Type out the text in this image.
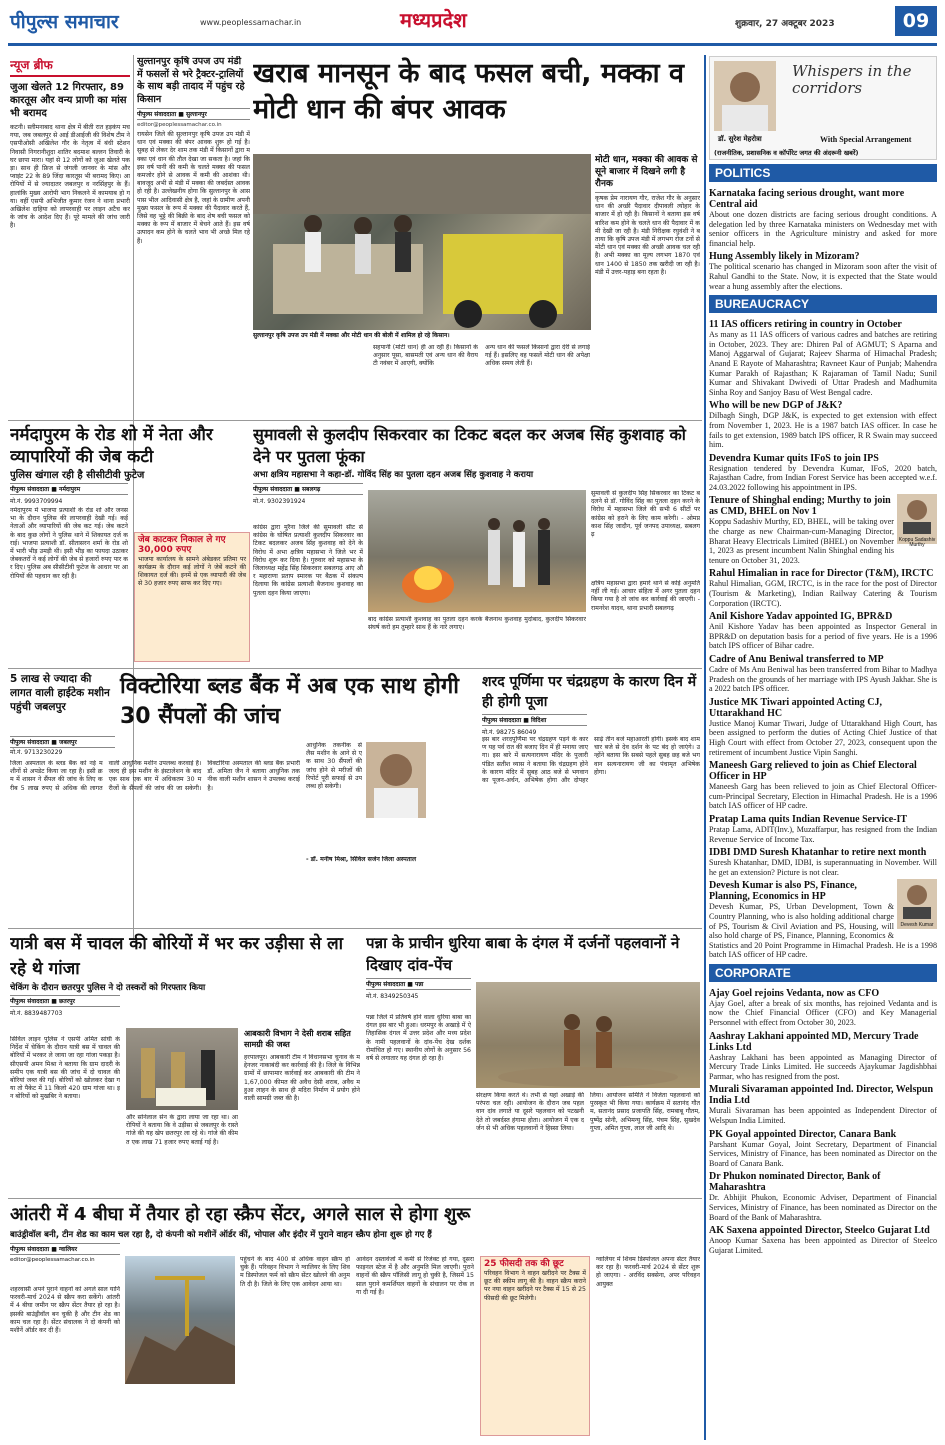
पीपुल्स समाचार	www.peoplessamachar.in	मध्यप्रदेश	शुक्रवार, 27 अक्टूबर 2023	09
न्यूज ब्रीफ
जुआ खेलते 12 गिरफ्तार, 89 कारतूस और वन्य प्राणी का मांस भी बरामद
कटनी। स्लीमनाबाद थाना क्षेत्र में बीती रात हड़कंप मच गया, जब जबलपुर से आई डीआईजी की विशेष टीम ने एसपीओसी अखिलेश गौर के नेतृत्व में बंधी स्टेशन निवासी निगरानीशुदा शातिर बदमाश बल्लन तिवारी के घर छापा मारा। यहां से 12 लोगों को जुआ खेलते पकड़ा। साथ ही फ्रिज से जंगली जानवर के मांस और प्वाइंट 22 के 89 जिंदा कारतूस भी बरामद किए। आरोपियों में से ज्यादातर जबलपुर व नरसिंहपुर के हैं। हालांकि मुख्य आरोपी भाग निकलने में कामयाब हो गया। वहीं एसपी अभिजीत कुमार रंजन ने थाना प्रभारी अखिलेश दाहिया को लापरवाही पर लाइन अटैच कर के जांच के आदेश दिए हैं। पूरे मामले की जांच जारी है।
सुल्तानपुर कृषि उपज उप मंडी में फसलों से भरे ट्रैक्टर-ट्रालियों के साथ बड़ी तादाद में पहुंच रहे किसान
पीपुल्स संवाददाता ■ सुल्तानपुर
editor@peoplessamachar.co.in
रायसेन जिले की सुल्तानपुर कृषि उपज उप मंडी में धान एवं मक्का की बंपर आवक शुरू हो गई है। सुबह से लेकर देर शाम तक मंडी में किसानों द्वारा मक्का एवं धान की तौल देखा जा सकता है। जहां कि इस वर्ष पानी की कमी के चलते मक्का की फसल कमजोर होने से आवक में कमी की आशंका थी। बावजूद अभी से मंडी में मक्का की जबर्दस्त आवक हो रही है। उल्लेखनीय होगा कि सुल्तानपुर के आसपास भील आदिवासी क्षेत्र है, जहां के ग्रामीण अपनी मुख्य फसल के रूप में मक्का की पैदावार करते हैं, जिसे वह भुट्टे की बिक्री के बाद शेष बची फसल को मक्का के रूप में बाजार में बेचने आते हैं। इस वर्ष उत्पादन कम होने के चलते भाव भी अच्छे मिल रहे हैं।
खराब मानसून के बाद फसल बची, मक्का व मोटी धान की बंपर आवक
सुल्तानपुर कृषि उपज उप मंडी में मक्का और मोटी धान की बोली में शामिल हो रहे किसान।
मोटी धान, मक्का की आवक से सूने बाजार में दिखने लगी है रौनक
कृषक प्रेम नारायण गौर, राजेश गौर के अनुसार धान की अच्छी पैदावार दीपावली त्योहार के बाजार में हो रही है। किसानों ने बताया इस वर्ष बारिश कम होने के चलते धान की पैदावार में कमी देखी जा रही है। मंडी निरीक्षक रघुवंशी ने बताया कि कृषि उपज मंडी में लगभग रोज टनों से मोटी धान एवं मक्का की अच्छी आवक चल रही है। अभी मक्का का मूल्य लगभग 1870 एवं धान 1400 से 1850 तक खरीदी जा रही है। मंडी में उत्तर-पहाड़ बना रहता है।
सहपानी (मोटी धान) ही आ रही है। किसानों के अनुसार पूसा, बासमती एवं अन्य धान की वैरायटी नवंबर में आएगी, क्योंकि
अन्य धान की फसलें किसानों द्वारा देरी से लगाई गई हैं। इसलिए वह फसलें मोटी धान की अपेक्षा अधिक समय लेती हैं।
नर्मदापुरम के रोड शो में नेता और व्यापारियों की जेब कटी
पुलिस खंगाल रही है सीसीटीवी फुटेज
पीपुल्स संवाददाता ■ नर्मदापुरम
मो.नं. 9993709994
नर्मदापुरम में भाजपा प्रत्याशी के रोड शो और जनसभा के दौरान पुलिस की लापरवाही देखी गई। कई नेताओं और व्यापारियों की जेब कट गई। जेब कटने के बाद कुछ लोगों ने पुलिस थाने में शिकायत दर्ज कराई। भाजपा प्रत्याशी डॉ. सीतासरन शर्मा के रोड शो में भारी भीड़ उमड़ी थी। इसी भीड़ का फायदा उठाकर जेबकतरों ने कई लोगों की जेब से हजारों रुपए पार कर दिए। पुलिस अब सीसीटीवी फुटेज के आधार पर आरोपियों की पहचान कर रही है।
जेब काटकर निकाल ले गए 30,000 रुपए
भाजपा कार्यालय के सामने अंबेडकर प्रतिमा पर कार्यक्रम के दौरान कई लोगों ने जेबें कटने की शिकायत दर्ज की। इनमें से एक व्यापारी की जेब से 30 हजार रुपए साफ कर दिए गए।
सुमावली से कुलदीप सिकरवार का टिकट बदल कर अजब सिंह कुशवाह को देने पर पुतला फूंका
अभा क्षत्रिय महासभा ने कहा-डॉ. गोविंद सिंह का पुतला दहन अजब सिंह कुशवाह ने कराया
पीपुल्स संवाददाता ■ सबलगढ़
मो.नं. 9302391924
कांग्रेस द्वारा मुरैना जिले की सुमावली सीट से कांग्रेस के घोषित प्रत्याशी कुलदीप सिकरवार का टिकट बदलकर अजब सिंह कुशवाह को देने के विरोध में अभा क्षत्रिय महासभा ने जिले भर में विरोध शुरू कर दिया है। गुरुवार को महासभा के जिलाध्यक्ष महेंद्र सिंह सिकरवार सबलगढ़ आए और महाराणा प्रताप स्मारक पर बैठक में संकल्प दिलाया कि कांग्रेस प्रत्याशी बैजनाथ कुशवाह का पुतला दहन किया जाएगा।
बाद कांग्रेस प्रत्याशी कुशवाह का पुतला दहन करके बैजनाथ कुशवाह मुर्दाबाद, कुलदीप सिकरवार संघर्ष करो हम तुम्हारे साथ हैं के नारे लगाए।
सुमावली से कुलदीप सिंह सिकरवार का टिकट बदलने से डॉ. गोविंद सिंह का पुतला दहन करने के विरोध में महासभा जिले की सभी 6 सीटों पर कांग्रेस को हराने के लिए काम करेगी। - ओमप्रकाश सिंह जादौन, पूर्व जनपद उपाध्यक्ष, सबलगढ़
क्षत्रिय महासभा द्वारा हमारे थाने से कोई अनुमति नहीं ली गई। आचार संहिता में अगर पुतला दहन किया गया है तो जांच कर कार्रवाई की जाएगी। - रामनरेश यादव, थाना प्रभारी सबलगढ़
5 लाख से ज्यादा की लागत वाली हाईटेक मशीन पहुंची जबलपुर
विक्टोरिया ब्लड बैंक में अब एक साथ होगी 30 सैंपलों की जांच
पीपुल्स संवाददाता ■ जबलपुर
मो.नं. 9713230229
जिला अस्पताल के ब्लड बैंक को नई मशीनों से अपडेट किया जा रहा है। इसी क्रम में शासन ने सैंपल की जांच के लिए करीब 5 लाख रुपए से अधिक की लागत वाली आधुनिक मशीन उपलब्ध करवाई है। जल्द ही इस मशीन के इंस्टालेशन के बाद एक साथ एक बार में अधिकतम 30 मरीजों के सैंपलों की जांच की जा सकेगी। विक्टोरिया अस्पताल की ब्लड बैंक प्रभारी डॉ. अमिता जैन ने बताया आधुनिक तकनीक वाली मशीन शासन ने उपलब्ध कराई है।
आधुनिक तकनीक से लैस मशीन के आने से एक साथ 30 सैंपलों की जांच होने से मरीजों की रिपोर्ट पूरी सफाई से उपलब्ध हो सकेगी।
- डॉ. मनीष मिश्रा, सिविल सर्जन जिला अस्पताल
शरद पूर्णिमा पर चंद्रग्रहण के कारण दिन में ही होगी पूजा
पीपुल्स संवाददाता ■ विदिशा
मो.नं. 98275 86049
इस बार शरदपूर्णिमा पर चंद्रग्रहण पड़ने के कारण यह पर्व रात की बजाए दिन में ही मनाया जाएगा। इस बारे में सत्यनारायण मंदिर के पुजारी पंडित सतीश व्यास ने बताया कि चंद्रग्रहण होने के कारण मंदिर में सुबह आठ बजे से भगवान का पूजन-अर्चन, अभिषेक होगा और दोपहर साढ़े तीन बजे महाआरती होगी। इसके बाद शाम चार बजे से देव दर्शन के पट बंद हो जाएंगे। उन्होंने बताया कि सबसे पहले सुबह छह बजे भगवान सत्यनारायण जी का पंचामृत अभिषेक होगा।
यात्री बस में चावल की बोरियों में भर कर उड़ीसा से ला रहे थे गांजा
चेकिंग के दौरान छतरपुर पुलिस ने दो तस्करों को गिरफ्तार किया
पीपुल्स संवाददाता ■ छतरपुर
मो.नं. 8839487703
सिविल लाइन पुलिस ने एसपी अमित सांघी के निर्देश में चेकिंग के दौरान यात्री बस में चावल की बोरियों में भरकर ले जाया जा रहा गांजा पकड़ा है। सीएसपी अमन मिश्रा ने बताया कि ग्राम दादरी के समीप एक यात्री बस की जांच में दो चावल की बोरियां जब्त की गईं। बोरियों को खोलकर देखा गया तो पैकेट में 11 किलो 420 ग्राम गांजा था। इन बोरियों को मुखबिर ने बताया।
और सोनेलाल सेन के द्वारा लाया जा रहा था। आरोपियों ने बताया कि वे उड़ीसा से जबलपुर के रास्ते गांजे की यह खेप छतरपुर ला रहे थे। गांजे की कीमत एक लाख 71 हजार रुपए बताई गई है।
आबकारी विभाग ने देसी शराब सहित सामग्री की जब्त
हरपालपुर। आबकारी टीम ने विधानसभा चुनाव के मद्देनजर नाकाबंदी कर कार्रवाई की है। जिले के विभिन्न ग्रामों में छापामार कार्रवाई कर आबकारी की टीम ने 1,67,000 कीमत की अवैध देसी शराब, अवैध महुआ लाहन के साथ ही मदिरा निर्माण में प्रयोग होने वाली सामग्री जब्त की है।
पन्ना के प्राचीन धुरिया बाबा के दंगल में दर्जनों पहलवानों ने दिखाए दांव-पेंच
पीपुल्स संवाददाता ■ पन्ना
मो.नं. 8349250345
पन्ना जिले में प्रतिवर्ष होने वाला धुरिया बाबा का दंगल इस बार भी हुआ। धरमपुर के अखाड़े में ऐतिहासिक दंगल में उत्तर प्रदेश और मध्य प्रदेश के नामी पहलवानों के दांव-पेंच देख दर्शक रोमांचित हो गए। स्थानीय लोगों के अनुसार 56 वर्ष से लगातार यह दंगल हो रहा है।
संरक्षण किया करते थे। तभी से यहां अखाड़े की परंपरा चल रही। आयोजन के दौरान जब पहलवान दांव लगाते या दूसरे पहलवान को पटखनी देते तो जबर्दस्त हंगामा होता। आयोजन में एक दर्जन से भी अधिक पहलवानों ने हिस्सा लिया।
लिया। आयोजन समिति ने विजेता पहलवानों को पुरस्कृत भी किया गया। कार्यक्रम में सतानंद गौतम, सतानंद प्रसाद प्रजापति सिंह, रामबाबू गौतम, पुष्पेंद्र सोनी, अभिमन्यु सिंह, पंचम सिंह, सुखदेव गुप्ता, अमित गुप्ता, लाल जी आदि थे।
आंतरी में 4 बीघा में तैयार हो रहा स्क्रैप सेंटर, अगले साल से होगा शुरू
बाउंड्रीवॉल बनी, टीन शेड का काम चल रहा है, दो कंपनी को मशीनें ऑर्डर कीं, भोपाल और इंदौर में पुराने वाहन स्क्रैप होना शुरू हो गए हैं
पीपुल्स संवाददाता ■ ग्वालियर
editor@peoplessamachar.co.in
शहरवासी अपने पुराने वाहनों को अगले साल यानि फरवरी-मार्च 2024 से स्क्रैप करा सकेंगे। आंतरी में 4 बीघा जमीन पर स्क्रैप सेंटर तैयार हो रहा है। इसकी बाउंड्रीवॉल बन चुकी है और टीन शेड का काम चल रहा है। सेंटर संचालक ने दो कंपनी को मशीनें ऑर्डर कर दी हैं।
पहुंचने के बाद 400 से अधिक वाहन स्क्रैप हो चुके हैं। परिवहन विभाग ने ग्वालियर के लिए शिवम डिस्पोजल फर्म को स्क्रैप सेंटर खोलने की अनुमति दी है। जिले के लिए एक आवेदन आया था।
आवेदन दस्तावेजों में कमी से रिजेक्ट हो गया, दूसरा फाइनल स्टेज में है और अनुमति मिल जाएगी। पुराने वाहनों की स्क्रैप पॉलिसी लागू हो चुकी है, जिसमें 15 साल पुराने कमर्शियल वाहनों के संचालन पर रोक लगा दी गई है।
25 फीसदी तक की छूट
परिवहन विभाग ने वाहन खरीदने पर टैक्स में छूट की स्कीम लागू की है। वाहन स्क्रैप कराने पर नया वाहन खरीदने पर टैक्स में 15 से 25 फीसदी की छूट मिलेगी।
ग्वालियर में शिवम डिस्पोजल अपना सेंटर तैयार कर रहा है। फरवरी-मार्च 2024 से सेंटर शुरू हो जाएगा। - अरविंद सक्सेना, अपर परिवहन आयुक्त
Whispers in the corridors
डॉ. सुरेश मेहरोत्रा	With Special Arrangement
(राजनीतिक, प्रशासनिक व कॉर्पोरेट जगत की अंदरूनी खबरें)
POLITICS
Karnataka facing serious drought, want more Central aid
About one dozen districts are facing serious drought conditions. A delegation led by three Karnataka ministers on Wednesday met with senior officers in the Agriculture ministry and asked for more financial help.
Hung Assembly likely in Mizoram?
The political scenario has changed in Mizoram soon after the visit of Rahul Gandhi to the State. Now, it is expected that the State would wear a hung assembly after the elections.
BUREAUCRACY
11 IAS officers retiring in country in October
As many as 11 IAS officers of various cadres and batches are retiring in October, 2023. They are: Dhiren Pal of AGMUT; S Aparna and Manoj Aggarwal of Gujarat; Rajeev Sharma of Himachal Pradesh; Anand E Rayote of Maharashtra; Ravneet Kaur of Punjab; Mahendra Kumar Parakh of Rajasthan; K Rajaraman of Tamil Nadu; Sunil Kumar and Shivakant Dwivedi of Uttar Pradesh and Madhumita Sinha Roy and Sanjoy Basu of West Bengal cadre.
Who will be new DGP of J&K?
Dilbagh Singh, DGP J&K, is expected to get extension with effect from November 1, 2023. He is a 1987 batch IAS officer. In case he fails to get extension, 1989 batch IPS officer, R R Swain may succeed him.
Devendra Kumar quits IFoS to join IPS
Resignation tendered by Devendra Kumar, IFoS, 2020 batch, Rajasthan Cadre, from Indian Forest Service has been accepted w.e.f. 24.03.2022 following his appointment in IPS.
Koppu Sadashiv Murthy
Tenure of Shinghal ending; Murthy to join as CMD, BHEL on Nov 1
Koppu Sadashiv Murthy, ED, BHEL, will be taking over the charge as new Chairman-cum-Managing Director, Bharat Heavy Electricals Limited (BHEL) on November 1, 2023 as present incumbent Nalin Shinghal ending his tenure on October 31, 2023.
Rahul Himalian in race for Director (T&M), IRCTC
Rahul Himalian, GGM, IRCTC, is in the race for the post of Director (Tourism & Marketing), Indian Railway Catering & Tourism Corporation (IRCTC).
Anil Kishore Yadav appointed IG, BPR&D
Anil Kishore Yadav has been appointed as Inspector General in BPR&D on deputation basis for a period of five years. He is a 1996 batch IPS officer of Bihar cadre.
Cadre of Anu Beniwal transferred to MP
Cadre of Ms Anu Beniwal has been transferred from Bihar to Madhya Pradesh on the grounds of her marriage with IPS Ayush Jakhar. She is a 2022 batch IPS officer.
Justice MK Tiwari appointed Acting CJ, Uttarakhand HC
Justice Manoj Kumar Tiwari, Judge of Uttarakhand High Court, has been assigned to perform the duties of Acting Chief Justice of that High Court with effect from October 27, 2023, consequent upon the retirement of incumbent Justice Vipin Sanghi.
Maneesh Garg relieved to join as Chief Electoral Officer in HP
Maneesh Garg has been relieved to join as Chief Electoral Officer-cum-Principal Secretary, Election in Himachal Pradesh. He is a 1996 batch IAS officer of HP cadre.
Pratap Lama quits Indian Revenue Service-IT
Pratap Lama, ADIT(Inv.), Muzaffarpur, has resigned from the Indian Revenue Service of Income Tax.
IDBI DMD Suresh Khatanhar to retire next month
Suresh Khatanhar, DMD, IDBI, is superannuating in November. Will he get an extension? Picture is not clear.
Devesh Kumar
Devesh Kumar is also PS, Finance, Planning, Economics in HP
Devesh Kumar, PS, Urban Development, Town & Country Planning, who is also holding additional charge of PS, Tourism & Civil Aviation and PS, Housing, will also hold charge of PS, Finance, Planning, Economics & Statistics and 20 Point Programme in Himachal Pradesh. He is a 1998 batch IAS officer of HP cadre.
CORPORATE
Ajay Goel rejoins Vedanta, now as CFO
Ajay Goel, after a break of six months, has rejoined Vedanta and is now the Chief Financial Officer (CFO) and Key Managerial Personnel with effect from October 30, 2023.
Aashray Lakhani appointed MD, Mercury Trade Links Ltd
Aashray Lakhani has been appointed as Managing Director of Mercury Trade Links Limited. He succeeds Ajaykumar Jagdishbhai Parmar, who has resigned from the post.
Murali Sivaraman appointed Ind. Director, Welspun India Ltd
Murali Sivaraman has been appointed as Independent Director of Welspun India Limited.
PK Goyal appointed Director, Canara Bank
Parshant Kumar Goyal, Joint Secretary, Department of Financial Services, Ministry of Finance, has been nominated as Director on the Board of Canara Bank.
Dr Phukon nominated Director, Bank of Maharashtra
Dr. Abhijit Phukon, Economic Adviser, Department of Financial Services, Ministry of Finance, has been nominated as Director on the Board of the Bank of Maharashtra.
AK Saxena appointed Director, Steelco Gujarat Ltd
Anoop Kumar Saxena has been appointed as Director of Steelco Gujarat Limited.
